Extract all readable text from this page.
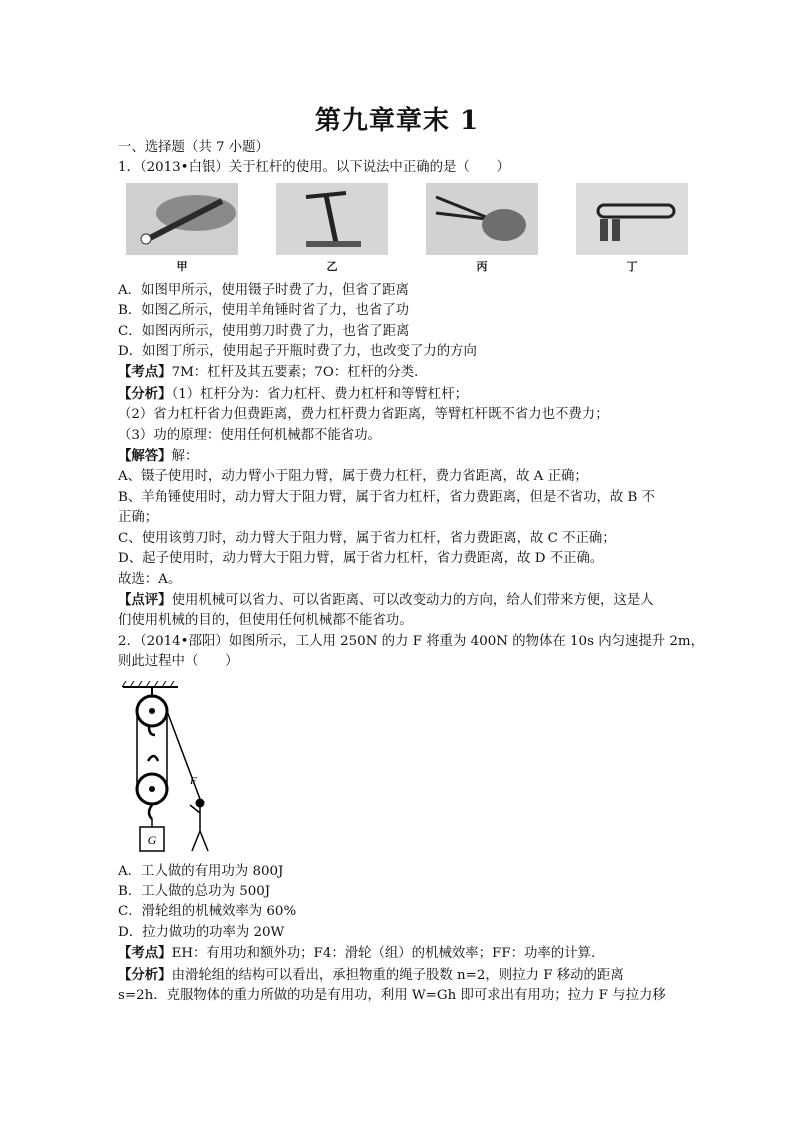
第九章章末 1
一、选择题（共 7 小题）
1．（2013•白银）关于杠杆的使用。以下说法中正确的是（　　）
甲	乙	丙	丁
A．如图甲所示，使用镊子时费了力，但省了距离
B．如图乙所示，使用羊角锤时省了力，也省了功
C．如图丙所示，使用剪刀时费了力，也省了距离
D．如图丁所示，使用起子开瓶时费了力，也改变了力的方向
【考点】7M：杠杆及其五要素；7O：杠杆的分类．
【分析】（1）杠杆分为：省力杠杆、费力杠杆和等臂杠杆；
（2）省力杠杆省力但费距离，费力杠杆费力省距离，等臂杠杆既不省力也不费力；
（3）功的原理：使用任何机械都不能省功。
【解答】解：
A、镊子使用时，动力臂小于阻力臂，属于费力杠杆，费力省距离，故 A 正确；
B、羊角锤使用时，动力臂大于阻力臂，属于省力杠杆，省力费距离，但是不省功，故 B 不
正确；
C、使用该剪刀时，动力臂大于阻力臂，属于省力杠杆，省力费距离，故 C 不正确；
D、起子使用时，动力臂大于阻力臂，属于省力杠杆，省力费距离，故 D 不正确。
故选：A。
【点评】使用机械可以省力、可以省距离、可以改变动力的方向，给人们带来方便，这是人
们使用机械的目的，但使用任何机械都不能省功。
2．（2014•邵阳）如图所示，工人用 250N 的力 F 将重为 400N 的物体在 10s 内匀速提升 2m，
则此过程中（　　）
G
F
A．工人做的有用功为 800J
B．工人做的总功为 500J
C．滑轮组的机械效率为 60%
D．拉力做功的功率为 20W
【考点】EH：有用功和额外功；F4：滑轮（组）的机械效率；FF：功率的计算．
【分析】由滑轮组的结构可以看出，承担物重的绳子股数 n=2，则拉力 F 移动的距离
s=2h．克服物体的重力所做的功是有用功，利用 W=Gh 即可求出有用功；拉力 F 与拉力移
